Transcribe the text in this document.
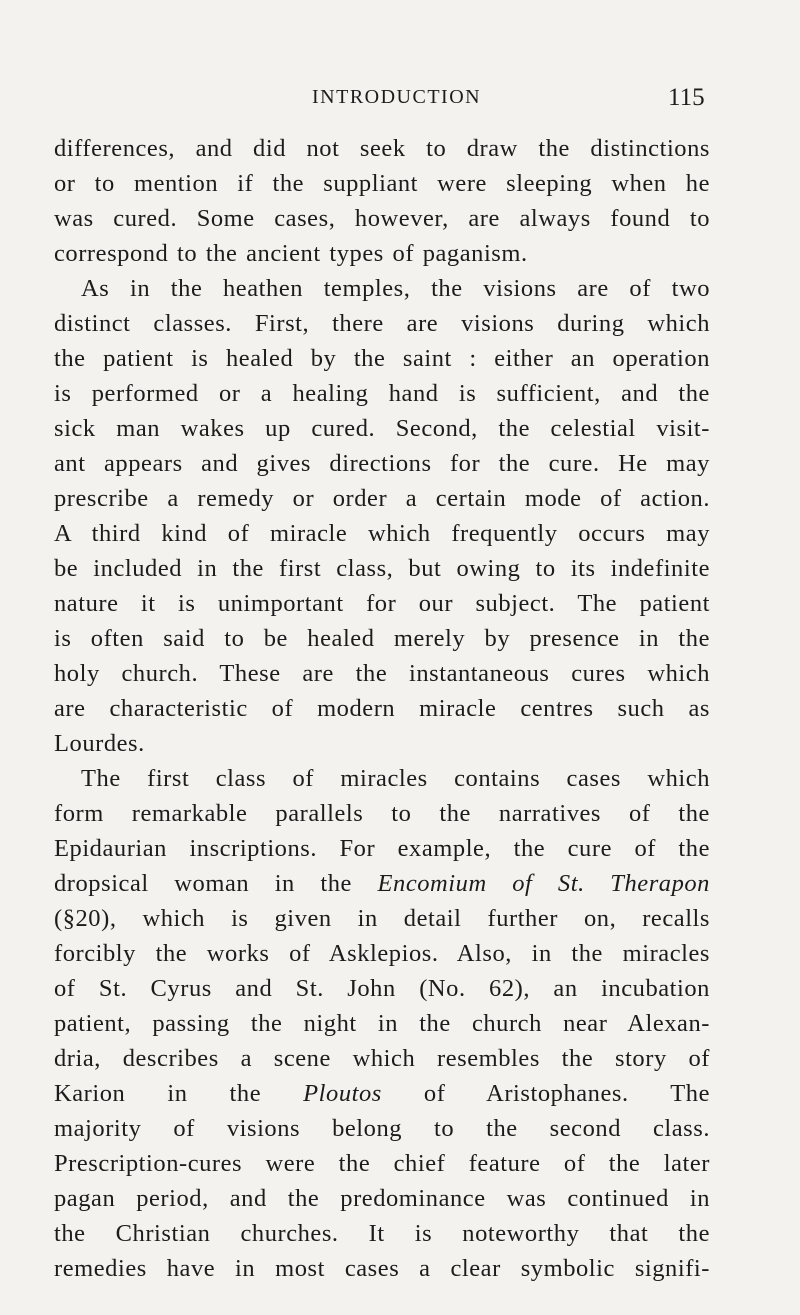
INTRODUCTION	115
differences, and did not seek to draw the distinctions
or to mention if the suppliant were sleeping when he
was cured. Some cases, however, are always found to
correspond to the ancient types of paganism.
As in the heathen temples, the visions are of two
distinct classes. First, there are visions during which
the patient is healed by the saint : either an operation
is performed or a healing hand is sufficient, and the
sick man wakes up cured. Second, the celestial visit-
ant appears and gives directions for the cure. He may
prescribe a remedy or order a certain mode of action.
A third kind of miracle which frequently occurs may
be included in the first class, but owing to its indefinite
nature it is unimportant for our subject. The patient
is often said to be healed merely by presence in the
holy church. These are the instantaneous cures which
are characteristic of modern miracle centres such as
Lourdes.
The first class of miracles contains cases which
form remarkable parallels to the narratives of the
Epidaurian inscriptions. For example, the cure of the
dropsical woman in the Encomium of St. Therapon
(§20), which is given in detail further on, recalls
forcibly the works of Asklepios. Also, in the miracles
of St. Cyrus and St. John (No. 62), an incubation
patient, passing the night in the church near Alexan-
dria, describes a scene which resembles the story of
Karion in the Ploutos of Aristophanes. The
majority of visions belong to the second class.
Prescription-cures were the chief feature of the later
pagan period, and the predominance was continued in
the Christian churches. It is noteworthy that the
remedies have in most cases a clear symbolic signifi-
